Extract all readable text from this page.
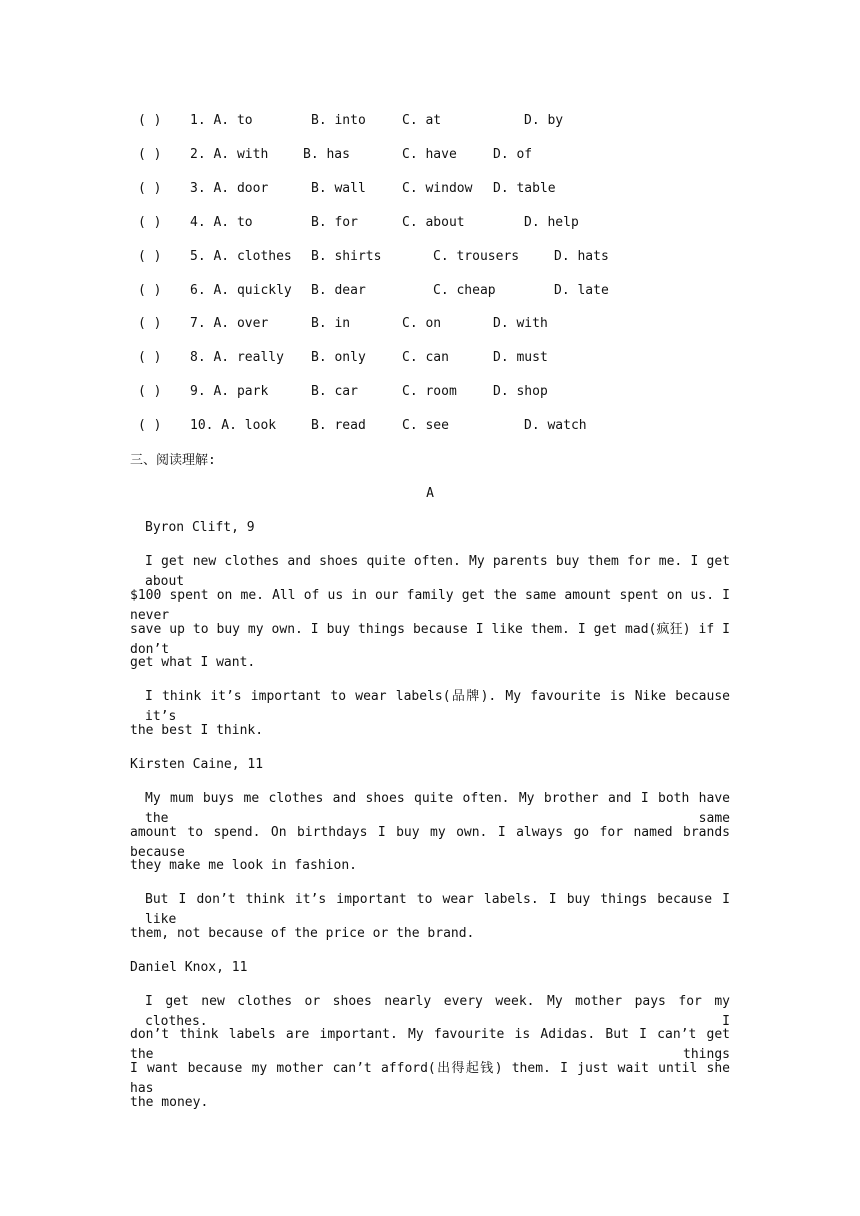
( ) 1. A. to	B. into	C. at	D. by
( ) 2. A. with	B. has	C. have	D. of
( ) 3. A. door	B. wall	C. window D. table
( ) 4. A. to	B. for	C. about	D. help
( ) 5. A. clothes B. shirts	C. trousers	D. hats
( ) 6. A. quickly B. dear	C. cheap	D. late
( ) 7. A. over	B. in	C. on	D. with
( ) 8. A. really B. only	C. can	D. must
( ) 9. A. park	B. car	C. room	D. shop
( ) 10. A. look	B. read	C. see	D. watch
三、阅读理解:
A
Byron Clift, 9
I get new clothes and shoes quite often. My parents buy them for me. I get about
$100 spent on me. All of us in our family get the same amount spent on us. I never
save up to buy my own. I buy things because I like them. I get mad(疯狂) if I don’t
get what I want.
I think it’s important to wear labels(品牌). My favourite is Nike because it’s
the best I think.
Kirsten Caine, 11
My mum buys me clothes and shoes quite often. My brother and I both have the same
amount to spend. On birthdays I buy my own. I always go for named brands because
they make me look in fashion.
But I don’t think it’s important to wear labels. I buy things because I like
them, not because of the price or the brand.
Daniel Knox, 11
I get new clothes or shoes nearly every week. My mother pays for my clothes. I
don’t think labels are important. My favourite is Adidas. But I can’t get the things
I want because my mother can’t afford(出得起钱) them. I just wait until she has
the money.
